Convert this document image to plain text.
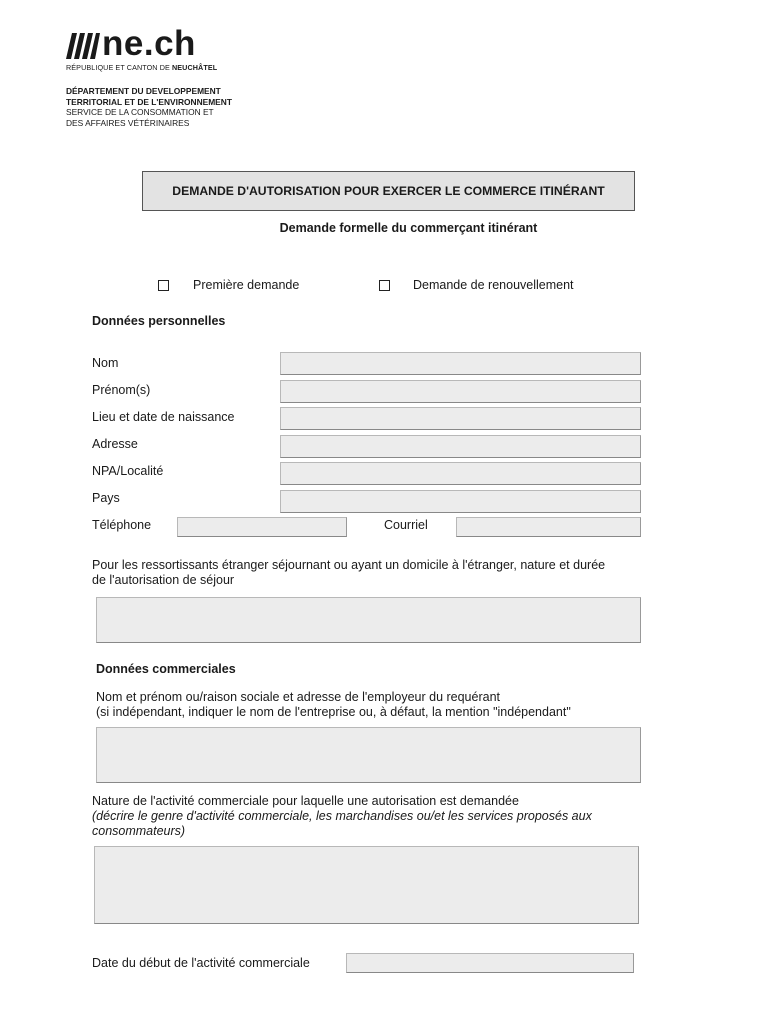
ne.ch
RÉPUBLIQUE ET CANTON DE NEUCHÂTEL
DÉPARTEMENT DU DEVELOPPEMENT
TERRITORIAL ET DE L'ENVIRONNEMENT
SERVICE DE LA CONSOMMATION ET
DES AFFAIRES VÉTÉRINAIRES
DEMANDE D'AUTORISATION POUR EXERCER LE COMMERCE ITINÉRANT
Demande formelle du commerçant itinérant
Première demande	Demande de renouvellement
Données personnelles
Nom
Prénom(s)
Lieu et date de naissance
Adresse
NPA/Localité
Pays
Téléphone	Courriel
Pour les ressortissants étranger séjournant ou ayant un domicile à l'étranger, nature et durée
de l'autorisation de séjour
Données commerciales
Nom et prénom ou/raison sociale et adresse de l'employeur du requérant
(si indépendant, indiquer le nom de l'entreprise ou, à défaut, la mention "indépendant"
Nature de l'activité commerciale pour laquelle une autorisation est demandée
(décrire le genre d'activité commerciale, les marchandises ou/et les services proposés aux
consommateurs)
Date du début de l'activité commerciale
